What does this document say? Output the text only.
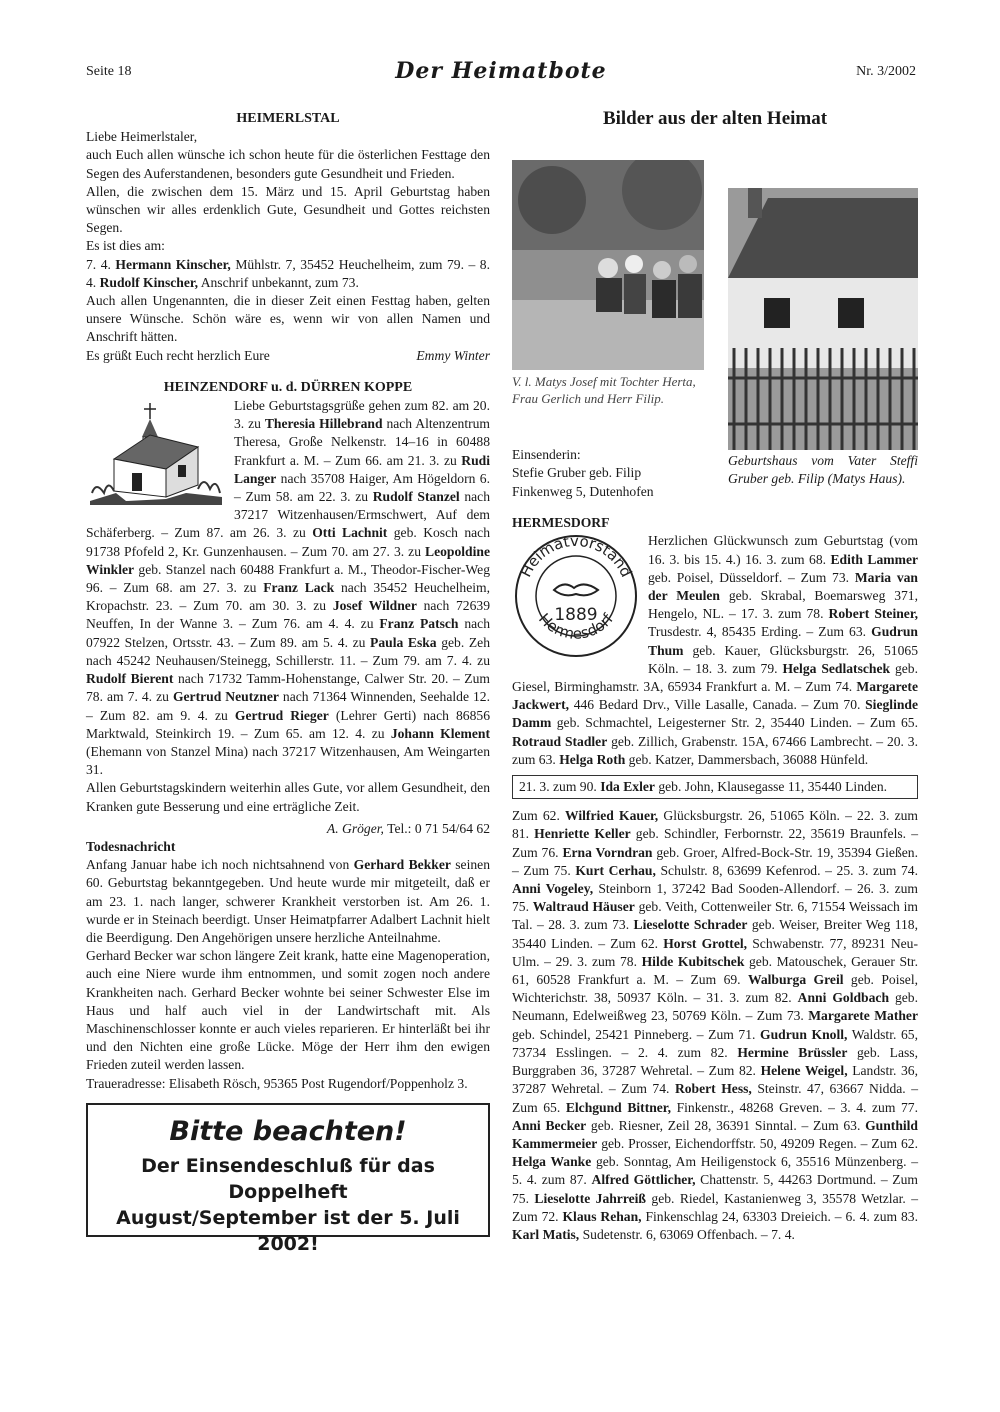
Seite 18	Der Heimatbote	Nr. 3/2002

HEIMERLSTAL

Liebe Heimerlstaler,

auch Euch allen wünsche ich schon heute für die österlichen Festtage den Segen des Auferstandenen, besonders gute Gesundheit und Frieden.

Allen, die zwischen dem 15. März und 15. April Geburtstag haben wünschen wir alles erdenklich Gute, Gesundheit und Gottes reichsten Segen.

Es ist dies am:

7. 4. Hermann Kinscher, Mühlstr. 7, 35452 Heuchelheim, zum 79. – 8. 4. Rudolf Kinscher, Anschrif unbekannt, zum 73.

Auch allen Ungenannten, die in dieser Zeit einen Festtag haben, gelten unsere Wünsche. Schön wäre es, wenn wir von allen Namen und Anschrift hätten.

Es grüßt Euch recht herzlich Eure	Emmy Winter

HEINZENDORF u. d. DÜRREN KOPPE

Liebe Geburtstagsgrüße gehen zum 82. am 20. 3. zu Theresia Hillebrand nach Altenzentrum Theresa, Große Nelkenstr. 14–16 in 60488 Frankfurt a. M. – Zum 66. am 21. 3. zu Rudi Langer nach 35708 Haiger, Am Högeldorn 6. – Zum 58. am 22. 3. zu Rudolf Stanzel nach 37217 Witzenhausen/Ermschwert, Auf dem Schäferberg. – Zum 87. am 26. 3. zu Otti Lachnit geb. Kosch nach 91738 Pfofeld 2, Kr. Gunzenhausen. – Zum 70. am 27. 3. zu Leopoldine Winkler geb. Stanzel nach 60488 Frankfurt a. M., Theodor-Fischer-Weg 96. – Zum 68. am 27. 3. zu Franz Lack nach 35452 Heuchelheim, Kropachstr. 23. – Zum 70. am 30. 3. zu Josef Wildner nach 72639 Neuffen, In der Wanne 3. – Zum 76. am 4. 4. zu Franz Patsch nach 07922 Stelzen, Ortsstr. 43. – Zum 89. am 5. 4. zu Paula Eska geb. Zeh nach 45242 Neuhausen/Steinegg, Schillerstr. 11. – Zum 79. am 7. 4. zu Rudolf Bierent nach 71732 Tamm-Hohenstange, Calwer Str. 20. – Zum 78. am 7. 4. zu Gertrud Neutzner nach 71364 Winnenden, Seehalde 12. – Zum 82. am 9. 4. zu Gertrud Rieger (Lehrer Gerti) nach 86856 Marktwald, Steinkirch 19. – Zum 65. am 12. 4. zu Johann Klement (Ehemann von Stanzel Mina) nach 37217 Witzenhausen, Am Weingarten 31.

Allen Geburtstagskindern weiterhin alles Gute, vor allem Gesundheit, den Kranken gute Besserung und eine erträgliche Zeit.

A. Gröger, Tel.: 0 71 54/64 62

Todesnachricht

Anfang Januar habe ich noch nichtsahnend von Gerhard Bekker seinen 60. Geburtstag bekanntgegeben. Und heute wurde mir mitgeteilt, daß er am 23. 1. nach langer, schwerer Krankheit verstorben ist. Am 26. 1. wurde er in Steinach beerdigt. Unser Heimatpfarrer Adalbert Lachnit hielt die Beerdigung. Den Angehörigen unsere herzliche Anteilnahme.

Gerhard Becker war schon längere Zeit krank, hatte eine Magenoperation, auch eine Niere wurde ihm entnommen, und somit zogen noch andere Krankheiten nach. Gerhard Becker wohnte bei seiner Schwester Else im Haus und half auch viel in der Landwirtschaft mit. Als Maschinenschlosser konnte er auch vieles reparieren. Er hinterläßt bei ihr und den Nichten eine große Lücke. Möge der Herr ihm den ewigen Frieden zuteil werden lassen.

Traueradresse: Elisabeth Rösch, 95365 Post Rugendorf/Poppenholz 3.

Bitte beachten!
Der Einsendeschluß für das Doppelheft
August/September ist der 5. Juli 2002!
Bilder aus der alten Heimat
V. l. Matys Josef mit Tochter Herta, Frau Gerlich und Herr Filip.
Einsenderin:
Stefie Gruber geb. Filip
Finkenweg 5, Dutenhofen
Geburtshaus vom Vater Steffi Gruber geb. Filip (Matys Haus).

HERMESDORF

Heimatvorstand
Hermesdorf
1889

Herzlichen Glückwunsch zum Geburtstag (vom 16. 3. bis 15. 4.) 16. 3. zum 68. Edith Lammer geb. Poisel, Düsseldorf. – Zum 73. Maria van der Meulen geb. Skrabal, Boemarsweg 371, Hengelo, NL. – 17. 3. zum 78. Robert Steiner, Trusdestr. 4, 85435 Erding. – Zum 63. Gudrun Thum geb. Kauer, Glücksburgstr. 26, 51065 Köln. – 18. 3. zum 79. Helga Sedlatschek geb. Giesel, Birminghamstr. 3A, 65934 Frankfurt a. M. – Zum 74. Margarete Jackwert, 446 Bedard Drv., Ville Lasalle, Canada. – Zum 70. Sieglinde Damm geb. Schmachtel, Leigesterner Str. 2, 35440 Linden. – Zum 65. Rotraud Stadler geb. Zillich, Grabenstr. 15A, 67466 Lambrecht. – 20. 3. zum 63. Helga Roth geb. Katzer, Dammersbach, 36088 Hünfeld.

21. 3. zum 90. Ida Exler geb. John, Klausegasse 11, 35440 Linden.

Zum 62. Wilfried Kauer, Glücksburgstr. 26, 51065 Köln. – 22. 3. zum 81. Henriette Keller geb. Schindler, Ferbornstr. 22, 35619 Braunfels. – Zum 76. Erna Vorndran geb. Groer, Alfred-Bock-Str. 19, 35394 Gießen. – Zum 75. Kurt Cerhau, Schulstr. 8, 63699 Kefenrod. – 25. 3. zum 74. Anni Vogeley, Steinborn 1, 37242 Bad Sooden-Allendorf. – 26. 3. zum 75. Waltraud Häuser geb. Veith, Cottenweiler Str. 6, 71554 Weissach im Tal. – 28. 3. zum 73. Lieselotte Schrader geb. Weiser, Breiter Weg 118, 35440 Linden. – Zum 62. Horst Grottel, Schwabenstr. 77, 89231 Neu-Ulm. – 29. 3. zum 78. Hilde Kubitschek geb. Matouschek, Gerauer Str. 61, 60528 Frankfurt a. M. – Zum 69. Walburga Greil geb. Poisel, Wichterichstr. 38, 50937 Köln. – 31. 3. zum 82. Anni Goldbach geb. Neumann, Edelweißweg 23, 50769 Köln. – Zum 73. Margarete Mather geb. Schindel, 25421 Pinneberg. – Zum 71. Gudrun Knoll, Waldstr. 65, 73734 Esslingen. – 2. 4. zum 82. Hermine Brüssler geb. Lass, Burggraben 36, 37287 Wehretal. – Zum 82. Helene Weigel, Landstr. 36, 37287 Wehretal. – Zum 74. Robert Hess, Steinstr. 47, 63667 Nidda. – Zum 65. Elchgund Bittner, Finkenstr., 48268 Greven. – 3. 4. zum 77. Anni Becker geb. Riesner, Zeil 28, 36391 Sinntal. – Zum 63. Gunthild Kammermeier geb. Prosser, Eichendorffstr. 50, 49209 Regen. – Zum 62. Helga Wanke geb. Sonntag, Am Heiligenstock 6, 35516 Münzenberg. – 5. 4. zum 87. Alfred Göttlicher, Chattenstr. 5, 44263 Dortmund. – Zum 75. Lieselotte Jahrreiß geb. Riedel, Kastanienweg 3, 35578 Wetzlar. – Zum 72. Klaus Rehan, Finkenschlag 24, 63303 Dreieich. – 6. 4. zum 83. Karl Matis, Sudetenstr. 6, 63069 Offenbach. – 7. 4.
